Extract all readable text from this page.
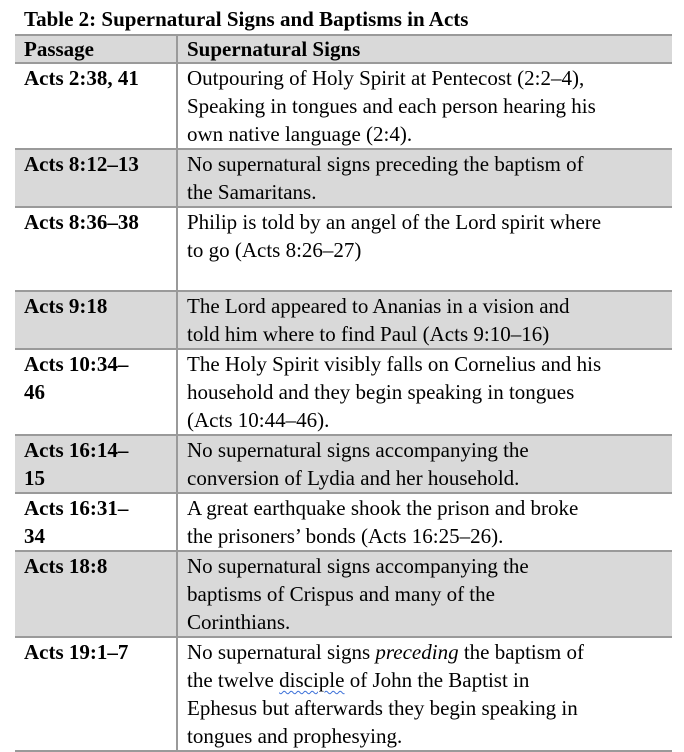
Table 2: Supernatural Signs and Baptisms in Acts
Passage	Supernatural Signs
Acts 2:38, 41	Outpouring of Holy Spirit at Pentecost (2:2–4),
Speaking in tongues and each person hearing his
own native language (2:4).
Acts 8:12–13	No supernatural signs preceding the baptism of
the Samaritans.
Acts 8:36–38	Philip is told by an angel of the Lord spirit where
to go (Acts 8:26–27)
Acts 9:18	The Lord appeared to Ananias in a vision and
told him where to find Paul (Acts 9:10–16)
Acts 10:34–
46	The Holy Spirit visibly falls on Cornelius and his
household and they begin speaking in tongues
(Acts 10:44–46).
Acts 16:14–
15	No supernatural signs accompanying the
conversion of Lydia and her household.
Acts 16:31–
34	A great earthquake shook the prison and broke
the prisoners’ bonds (Acts 16:25–26).
Acts 18:8	No supernatural signs accompanying the
baptisms of Crispus and many of the
Corinthians.
Acts 19:1–7	No supernatural signs preceding the baptism of
the twelve disciple of John the Baptist in
Ephesus but afterwards they begin speaking in
tongues and prophesying.
